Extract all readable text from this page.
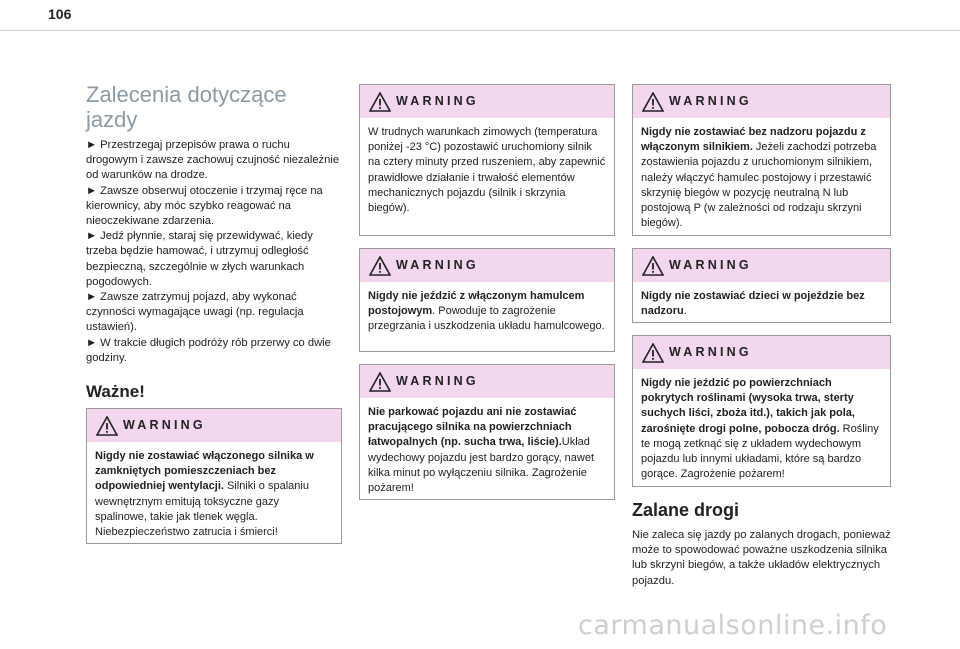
106
Zalecenia dotyczące jazdy

► Przestrzegaj przepisów prawa o ruchu drogowym i zawsze zachowuj czujność niezależnie od warunków na drodze.

► Zawsze obserwuj otoczenie i trzymaj ręce na kierownicy, aby móc szybko reagować na nieoczekiwane zdarzenia.

► Jedź płynnie, staraj się przewidywać, kiedy trzeba będzie hamować, i utrzymuj odległość bezpieczną, szczególnie w złych warunkach pogodowych.

► Zawsze zatrzymuj pojazd, aby wykonać czynności wymagające uwagi (np. regulacja ustawień).

► W trakcie długich podróży rób przerwy co dwie godziny.

Ważne!
WARNING
Nigdy nie zostawiać włączonego silnika w zamkniętych pomieszczeniach bez odpowiedniej wentylacji. Silniki o spalaniu wewnętrznym emitują toksyczne gazy spalinowe, takie jak tlenek węgla. Niebezpieczeństwo zatrucia i śmierci!
WARNING
W trudnych warunkach zimowych (temperatura poniżej -23 °C) pozostawić uruchomiony silnik na cztery minuty przed ruszeniem, aby zapewnić prawidłowe działanie i trwałość elementów mechanicznych pojazdu (silnik i skrzynia biegów).
WARNING
Nigdy nie jeździć z włączonym hamulcem postojowym. Powoduje to zagrożenie przegrzania i uszkodzenia układu hamulcowego.
WARNING
Nie parkować pojazdu ani nie zostawiać pracującego silnika na powierzchniach łatwopalnych (np. sucha trwa, liście).Układ wydechowy pojazdu jest bardzo gorący, nawet kilka minut po wyłączeniu silnika. Zagrożenie pożarem!
WARNING
Nigdy nie zostawiać bez nadzoru pojazdu z włączonym silnikiem. Jeżeli zachodzi potrzeba zostawienia pojazdu z uruchomionym silnikiem, należy włączyć hamulec postojowy i przestawić skrzynię biegów w pozycję neutralną N lub postojową P (w zależności od rodzaju skrzyni biegów).
WARNING
Nigdy nie zostawiać dzieci w pojeździe bez nadzoru.
WARNING
Nigdy nie jeździć po powierzchniach pokrytych roślinami (wysoka trwa, sterty suchych liści, zboża itd.), takich jak pola, zarośnięte drogi polne, pobocza dróg. Rośliny te mogą zetknąć się z układem wydechowym pojazdu lub innymi układami, które są bardzo gorące. Zagrożenie pożarem!
Zalane drogi
Nie zaleca się jazdy po zalanych drogach, ponieważ może to spowodować poważne uszkodzenia silnika lub skrzyni biegów, a także układów elektrycznych pojazdu.
carmanualsonline.info
